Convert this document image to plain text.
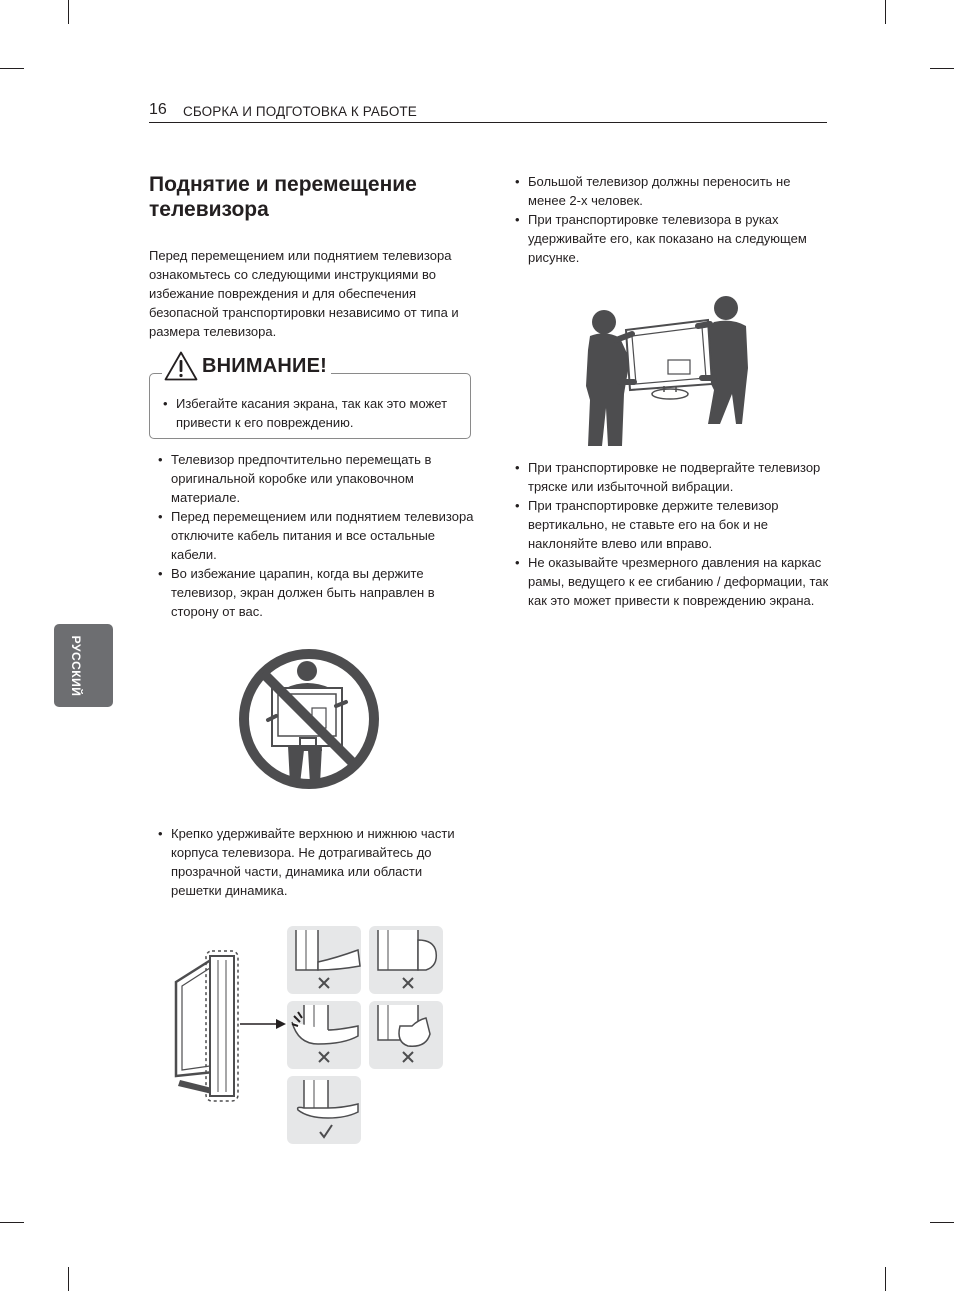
16 СБОРКА И ПОДГОТОВКА К РАБОТЕ
Поднятие и перемещение телевизора

Перед перемещением или поднятием телевизора ознакомьтесь со следующими инструкциями во избежание повреждения и для обеспечения безопасной транспортировки независимо от типа и размера телевизора.

ВНИМАНИЕ!
• Избегайте касания экрана, так как это может привести к его повреждению.
• Телевизор предпочтительно перемещать в оригинальной коробке или упаковочном материале.
• Перед перемещением или поднятием телевизора отключите кабель питания и все остальные кабели.
• Во избежание царапин, когда вы держите телевизор, экран должен быть направлен в сторону от вас.
• Крепко удерживайте верхнюю и нижнюю части корпуса телевизора. Не дотрагивайтесь до прозрачной части, динамика или области решетки динамика.
• Большой телевизор должны переносить не менее 2-х человек.
• При транспортировке телевизора в руках удерживайте его, как показано на следующем рисунке.
• При транспортировке не подвергайте телевизор тряске или избыточной вибрации.
• При транспортировке держите телевизор вертикально, не ставьте его на бок и не наклоняйте влево или вправо.
• Не оказывайте чрезмерного давления на каркас рамы, ведущего к ее сгибанию / деформации, так как это может привести к повреждению экрана.
РУССКИЙ
